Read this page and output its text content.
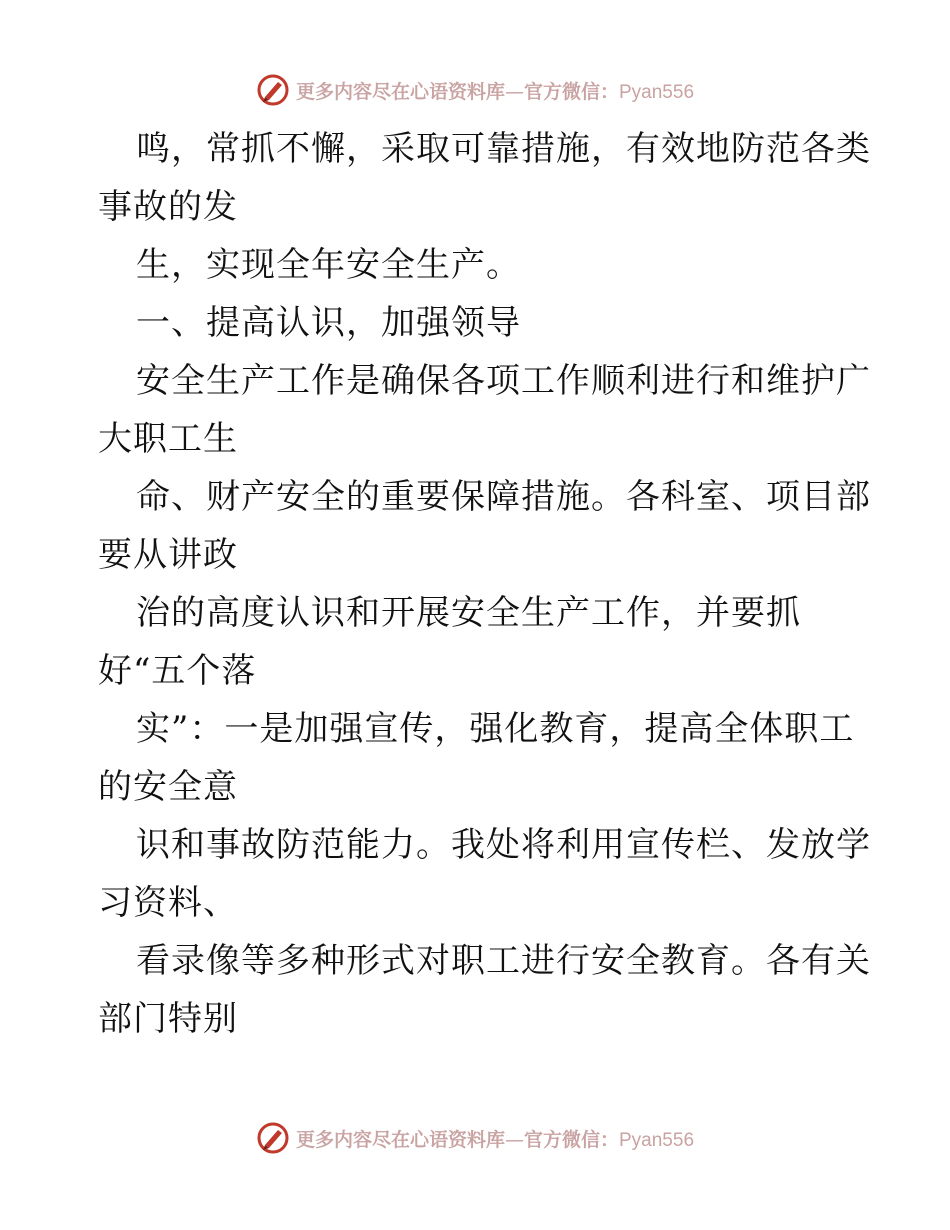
更多内容尽在心语资料库—官方微信：Pyan556
鸣，常抓不懈，采取可靠措施，有效地防范各类
事故的发
生，实现全年安全生产。
一、提高认识，加强领导
安全生产工作是确保各项工作顺利进行和维护广
大职工生
命、财产安全的重要保障措施。各科室、项目部
要从讲政
治的高度认识和开展安全生产工作，并要抓
好“五个落
实”：一是加强宣传，强化教育，提高全体职工
的安全意
识和事故防范能力。我处将利用宣传栏、发放学
习资料、
看录像等多种形式对职工进行安全教育。各有关
部门特别
更多内容尽在心语资料库—官方微信：Pyan556
